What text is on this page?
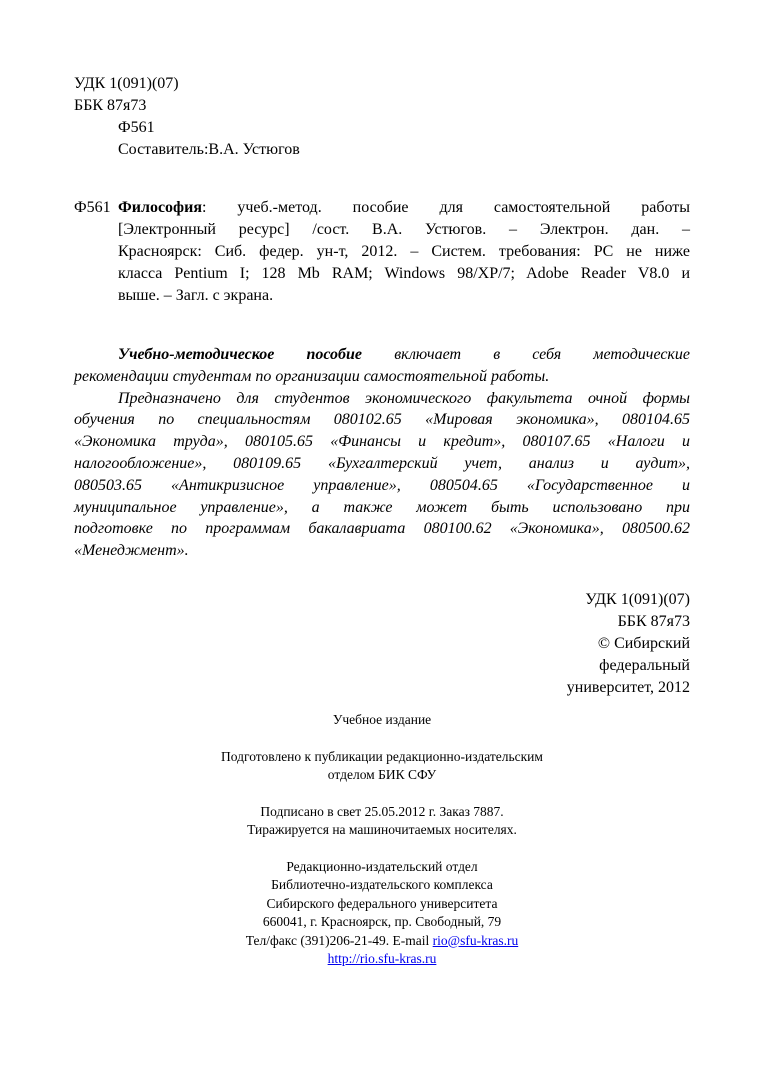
УДК 1(091)(07)
ББК 87я73
Ф561
Составитель:В.А. Устюгов
Ф561 Философия: учеб.-метод. пособие для самостоятельной работы
[Электронный ресурс] /сост. В.А. Устюгов. – Электрон. дан. –
Красноярск: Сиб. федер. ун-т, 2012. – Систем. требования: PC не ниже
класса Pentium I; 128 Mb RAM; Windows 98/XP/7; Adobe Reader V8.0 и
выше. – Загл. с экрана.
Учебно-методическое пособие включает в себя методические
рекомендации студентам по организации самостоятельной работы.
Предназначено для студентов экономического факультета очной формы
обучения по специальностям 080102.65 «Мировая экономика», 080104.65
«Экономика труда», 080105.65 «Финансы и кредит», 080107.65 «Налоги и
налогообложение», 080109.65 «Бухгалтерский учет, анализ и аудит»,
080503.65 «Антикризисное управление», 080504.65 «Государственное и
муниципальное управление», а также может быть использовано при
подготовке по программам бакалавриата 080100.62 «Экономика», 080500.62
«Менеджмент».
УДК 1(091)(07)
ББК 87я73
© Сибирский
федеральный
университет, 2012
Учебное издание
Подготовлено к публикации редакционно-издательским
отделом БИК СФУ
Подписано в свет 25.05.2012 г. Заказ 7887.
Тиражируется на машиночитаемых носителях.
Редакционно-издательский отдел
Библиотечно-издательского комплекса
Сибирского федерального университета
660041, г. Красноярск, пр. Свободный, 79
Тел/факс (391)206-21-49. E-mail rio@sfu-kras.ru
http://rio.sfu-kras.ru
